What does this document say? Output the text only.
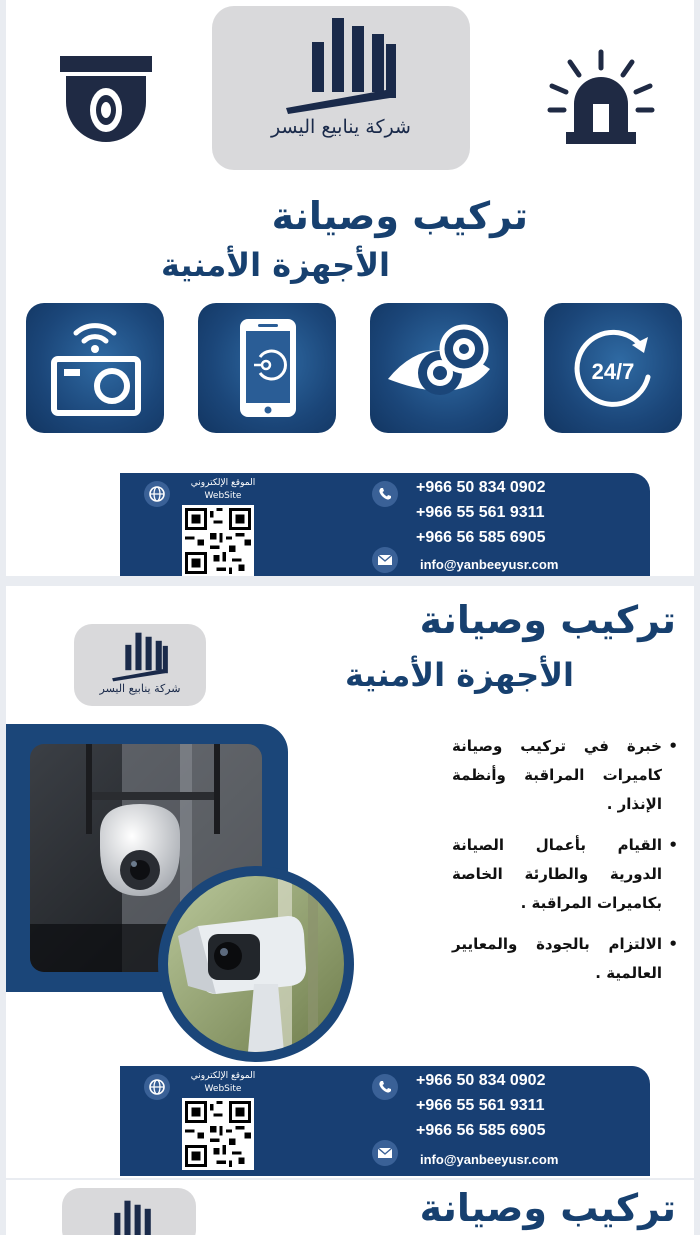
شركة ينابيع اليسر
تركيب وصيانة
الأجهزة الأمنية
24/7
الموقع الإلكتروني
WebSite	+966 50 834 0902
+966 55 561 9311
+966 56 585 6905
info@yanbeeyusr.com
تركيب وصيانة
الأجهزة الأمنية
شركة ينابيع اليسر
• خبرة في تركيب وصيانة كاميرات المراقبة وأنظمة الإنذار .
• القيام بأعمال الصيانة الدورية والطارئة الخاصة بكاميرات المراقبة .
• الالتزام بالجودة والمعايير العالمية .
الموقع الإلكتروني
WebSite	+966 50 834 0902
+966 55 561 9311
+966 56 585 6905
info@yanbeeyusr.com
تركيب وصيانة
